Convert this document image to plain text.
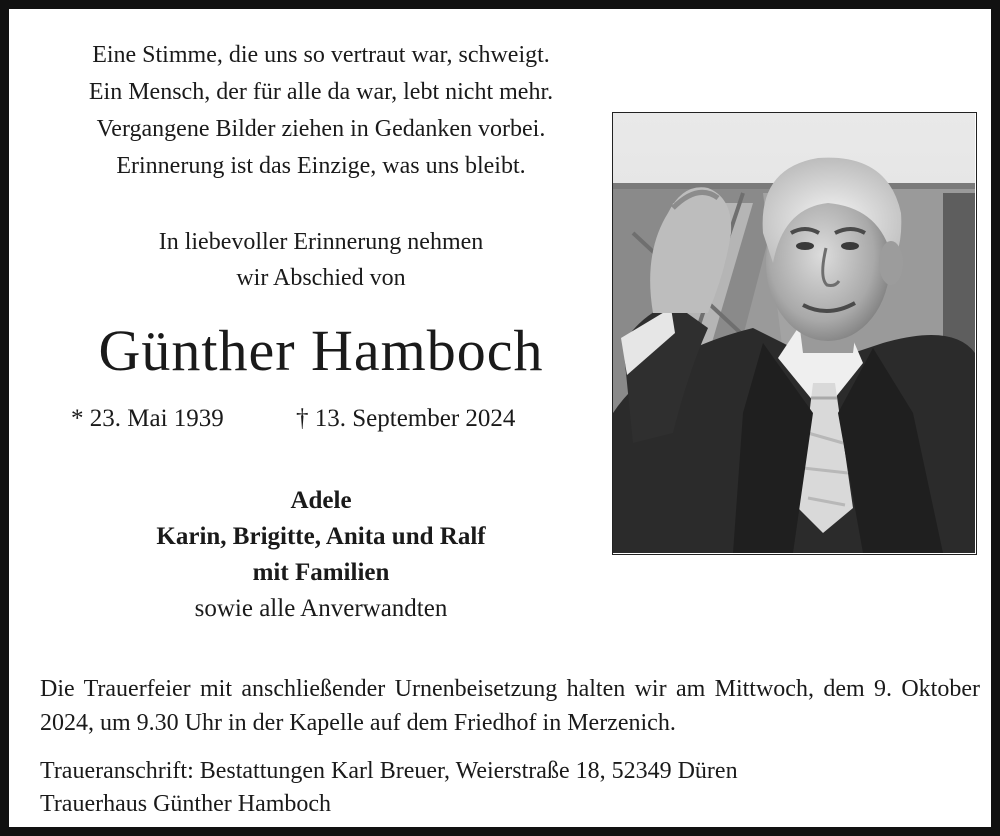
Eine Stimme, die uns so vertraut war, schweigt.
Ein Mensch, der für alle da war, lebt nicht mehr.
Vergangene Bilder ziehen in Gedanken vorbei.
Erinnerung ist das Einzige, was uns bleibt.
In liebevoller Erinnerung nehmen
wir Abschied von
Günther Hamboch
* 23. Mai 1939	† 13. September 2024
Adele
Karin, Brigitte, Anita und Ralf
mit Familien
sowie alle Anverwandten
Die Trauerfeier mit anschließender Urnenbeisetzung halten wir am Mittwoch, dem 9. Oktober 2024, um 9.30 Uhr in der Kapelle auf dem Friedhof in Merzenich.
Traueranschrift: Bestattungen Karl Breuer, Weierstraße 18, 52349 Düren
Trauerhaus Günther Hamboch
